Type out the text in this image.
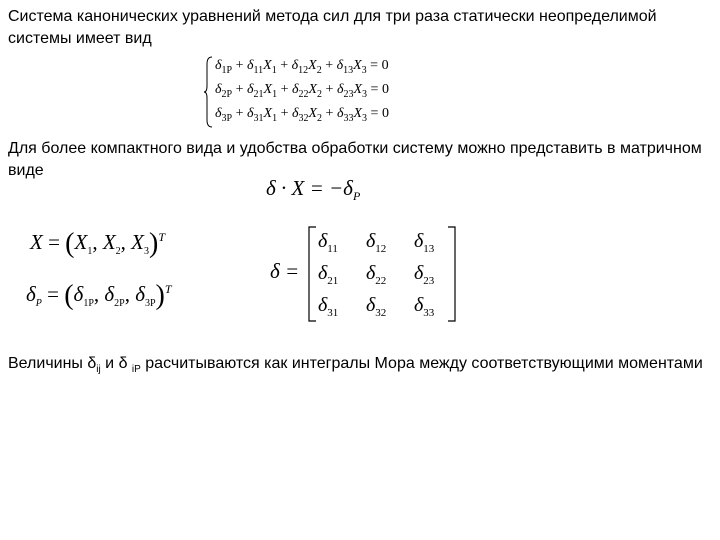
Система канонических уравнений метода сил для три раза статически неопределимой системы имеет вид

$\delta_{1P} + \delta_{11}X_1 + \delta_{12}X_2 + \delta_{13}X_3 = 0$
$\delta_{2P} + \delta_{21}X_1 + \delta_{22}X_2 + \delta_{23}X_3 = 0$
$\delta_{3P} + \delta_{31}X_1 + \delta_{32}X_2 + \delta_{33}X_3 = 0$

Для более компактного вида и удобства обработки систему можно представить в матричном виде

$\delta \cdot X = -\delta_P$
$X = (X_1$, $X_2$, $X_3)^T$
$\delta_P = (\delta_{1P}$, $\delta_{2P}$, $\delta_{3P})^T$
δ =
$\delta_{11}$ $\delta_{12}$ $\delta_{13}$
$\delta_{21}$ $\delta_{22}$ $\delta_{23}$
$\delta_{31}$ $\delta_{32}$ $\delta_{33}$

Величины $\delta_{ij}$ и δ $_{iP}$ расчитываются как интегралы Мора между соответствующими моментами
